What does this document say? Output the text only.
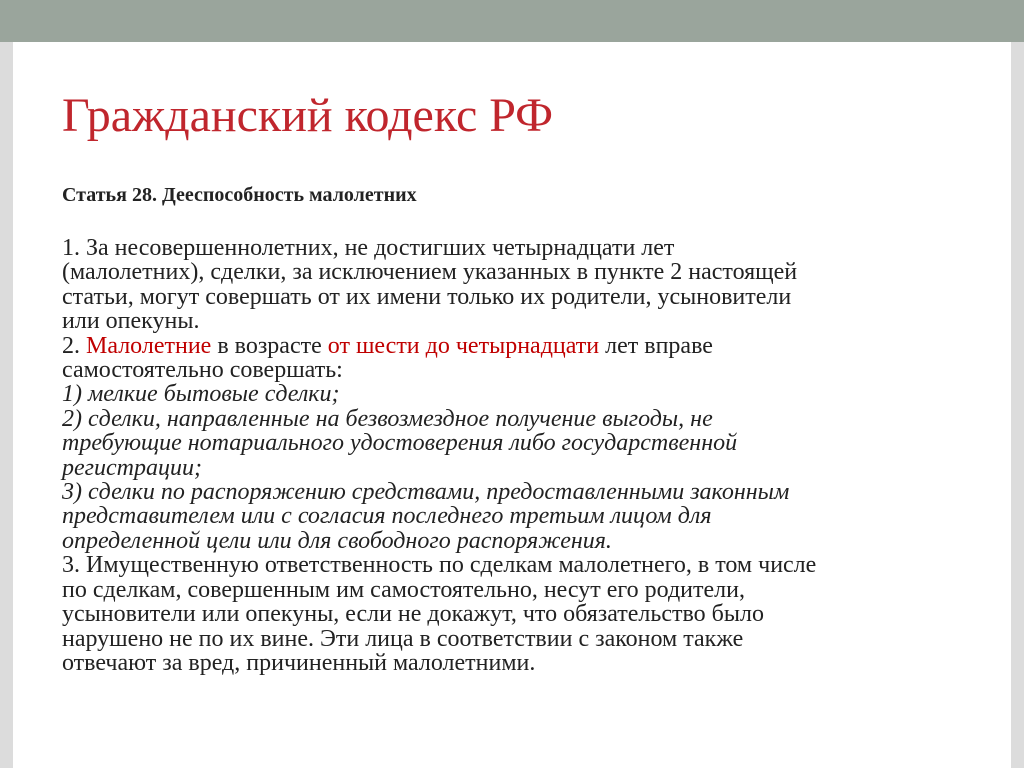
Гражданский кодекс РФ
Статья 28. Дееспособность малолетних
1. За несовершеннолетних, не достигших четырнадцати лет
(малолетних), сделки, за исключением указанных в пункте 2 настоящей
статьи, могут совершать от их имени только их родители, усыновители
или опекуны.
2. Малолетние в возрасте от шести до четырнадцати лет вправе
самостоятельно совершать:
1) мелкие бытовые сделки;
2) сделки, направленные на безвозмездное получение выгоды, не
требующие нотариального удостоверения либо государственной
регистрации;
3) сделки по распоряжению средствами, предоставленными законным
представителем или с согласия последнего третьим лицом для
определенной цели или для свободного распоряжения.
3. Имущественную ответственность по сделкам малолетнего, в том числе
по сделкам, совершенным им самостоятельно, несут его родители,
усыновители или опекуны, если не докажут, что обязательство было
нарушено не по их вине. Эти лица в соответствии с законом также
отвечают за вред, причиненный малолетними.
